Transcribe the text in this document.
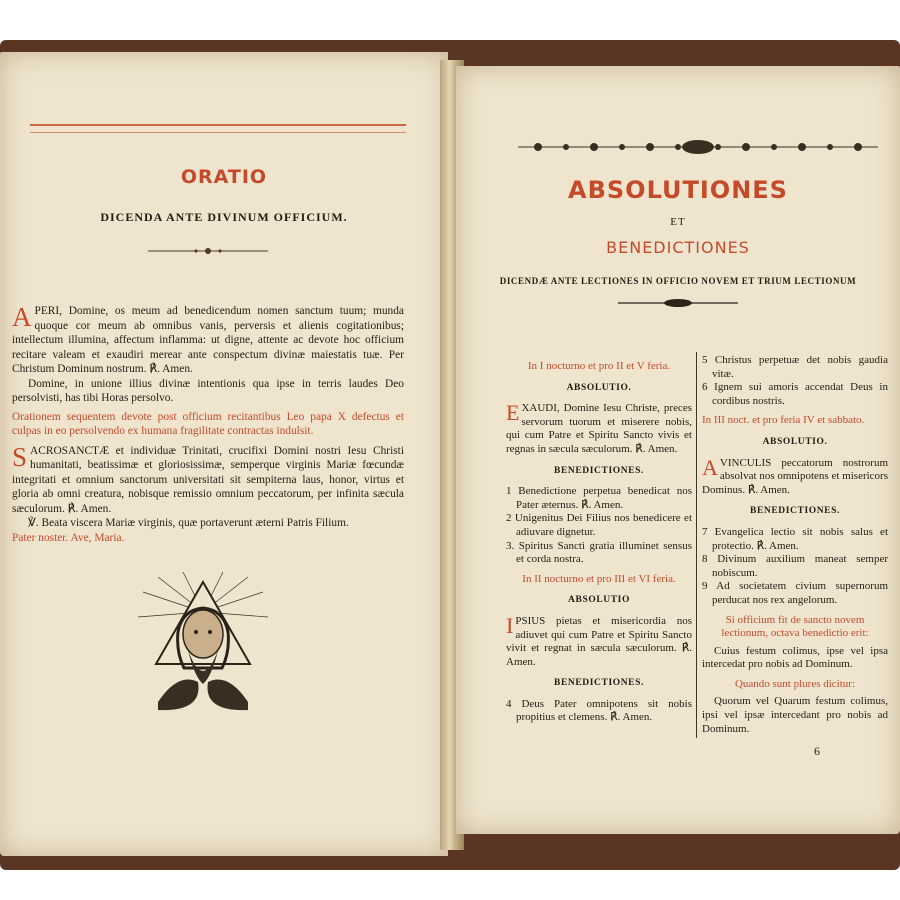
ORATIO
DICENDA ANTE DIVINUM OFFICIUM.

APERI, Domine, os meum ad benedicendum nomen sanctum tuum; munda quoque cor meum ab omnibus vanis, perversis et alienis cogitationibus; intellectum illumina, affectum inflamma: ut digne, attente ac devote hoc officium recitare valeam et exaudiri merear ante conspectum divinæ maiestatis tuæ. Per Christum Dominum nostrum. ℟. Amen.

Domine, in unione illius divinæ intentionis qua ipse in terris laudes Deo persolvisti, has tibi Horas persolvo.

Orationem sequentem devote post officium recitantibus Leo papa X defectus et culpas in eo persolvendo ex humana fragilitate contractas indulsit.

SACROSANCTÆ et individuæ Trinitati, crucifixi Domini nostri Iesu Christi humanitati, beatissimæ et gloriosissimæ, semperque virginis Mariæ fœcundæ integritati et omnium sanctorum universitati sit sempiterna laus, honor, virtus et gloria ab omni creatura, nobisque remissio omnium peccatorum, per infinita sæcula sæculorum. ℟. Amen.

℣. Beata viscera Mariæ virginis, quæ portaverunt æterni Patris Filium.

Pater noster. Ave, Maria.

ABSOLUTIONES
ET
BENEDICTIONES
DICENDÆ ANTE LECTIONES IN OFFICIO NOVEM ET TRIUM LECTIONUM

In I nocturno et pro II et V feria.

ABSOLUTIO.

EXAUDI, Domine Iesu Christe, preces servorum tuorum et miserere nobis, qui cum Patre et Spiritu Sancto vivis et regnas in sæcula sæculorum. ℟. Amen.

BENEDICTIONES.

1 Benedictione perpetua benedicat nos Pater æternus. ℟. Amen.

2 Unigenitus Dei Filius nos benedicere et adiuvare dignetur.

3. Spiritus Sancti gratia illuminet sensus et corda nostra.

In II nocturno et pro III et VI feria.

ABSOLUTIO

IPSIUS pietas et misericordia nos adiuvet qui cum Patre et Spiritu Sancto vivit et regnat in sæcula sæculorum. ℟. Amen.

BENEDICTIONES.

4 Deus Pater omnipotens sit nobis propitius et clemens. ℟. Amen.

5 Christus perpetuæ det nobis gaudia vitæ.

6 Ignem sui amoris accendat Deus in cordibus nostris.

In III noct. et pro feria IV et sabbato.

ABSOLUTIO.

AVINCULIS peccatorum nostrorum absolvat nos omnipotens et misericors Dominus. ℟. Amen.

BENEDICTIONES.

7 Evangelica lectio sit nobis salus et protectio. ℟. Amen.

8 Divinum auxilium maneat semper nobiscum.

9 Ad societatem civium supernorum perducat nos rex angelorum.

Si officium fit de sancto novem lectionum, octava benedictio erit:

Cuius festum colimus, ipse vel ipsa intercedat pro nobis ad Dominum.

Quando sunt plures dicitur:

Quorum vel Quarum festum colimus, ipsi vel ipsæ intercedant pro nobis ad Dominum.

6
